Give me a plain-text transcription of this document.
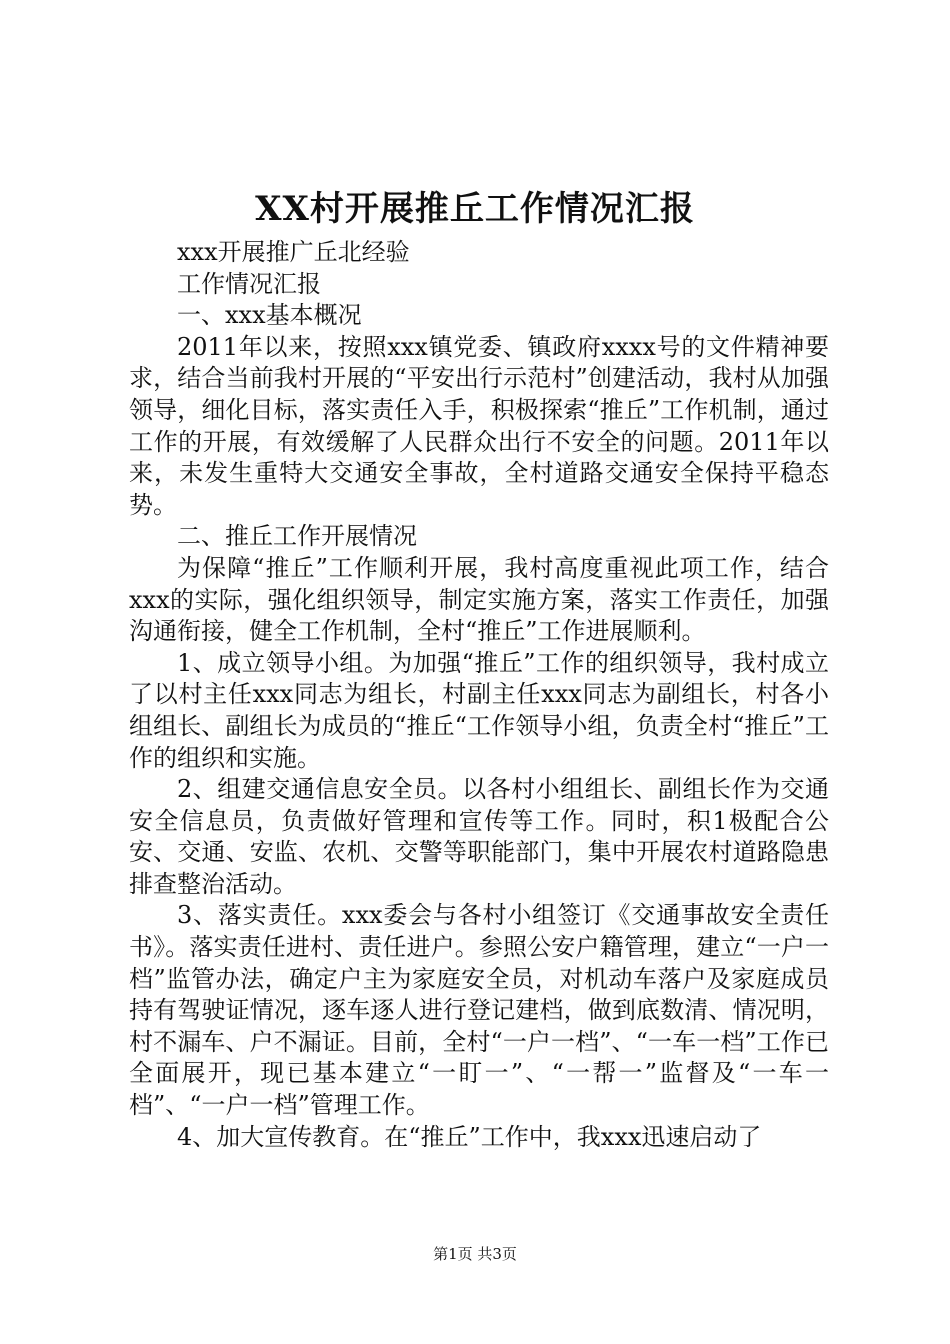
XX村开展推丘工作情况汇报

xxx开展推广丘北经验

工作情况汇报

一、xxx基本概况

2011年以来，按照xxx镇党委、镇政府xxxx号的文件精神要求，结合当前我村开展的“平安出行示范村”创建活动，我村从加强领导，细化目标，落实责任入手，积极探索“推丘”工作机制，通过工作的开展，有效缓解了人民群众出行不安全的问题。2011年以来，未发生重特大交通安全事故，全村道路交通安全保持平稳态势。

二、推丘工作开展情况

为保障“推丘”工作顺利开展，我村高度重视此项工作，结合xxx的实际，强化组织领导，制定实施方案，落实工作责任，加强沟通衔接，健全工作机制，全村“推丘”工作进展顺利。

1、成立领导小组。为加强“推丘”工作的组织领导，我村成立了以村主任xxx同志为组长，村副主任xxx同志为副组长，村各小组组长、副组长为成员的“推丘“工作领导小组，负责全村“推丘”工作的组织和实施。

2、组建交通信息安全员。以各村小组组长、副组长作为交通安全信息员，负责做好管理和宣传等工作。同时，积1极配合公安、交通、安监、农机、交警等职能部门，集中开展农村道路隐患排查整治活动。

3、落实责任。xxx委会与各村小组签订《交通事故安全责任书》。落实责任进村、责任进户。参照公安户籍管理，建立“一户一档”监管办法，确定户主为家庭安全员，对机动车落户及家庭成员持有驾驶证情况，逐车逐人进行登记建档，做到底数清、情况明，村不漏车、户不漏证。目前，全村“一户一档”、“一车一档”工作已全面展开，现已基本建立“一盯一”、“一帮一”监督及“一车一档”、“一户一档”管理工作。

4、加大宣传教育。在“推丘”工作中，我xxx迅速启动了

第1页 共3页
